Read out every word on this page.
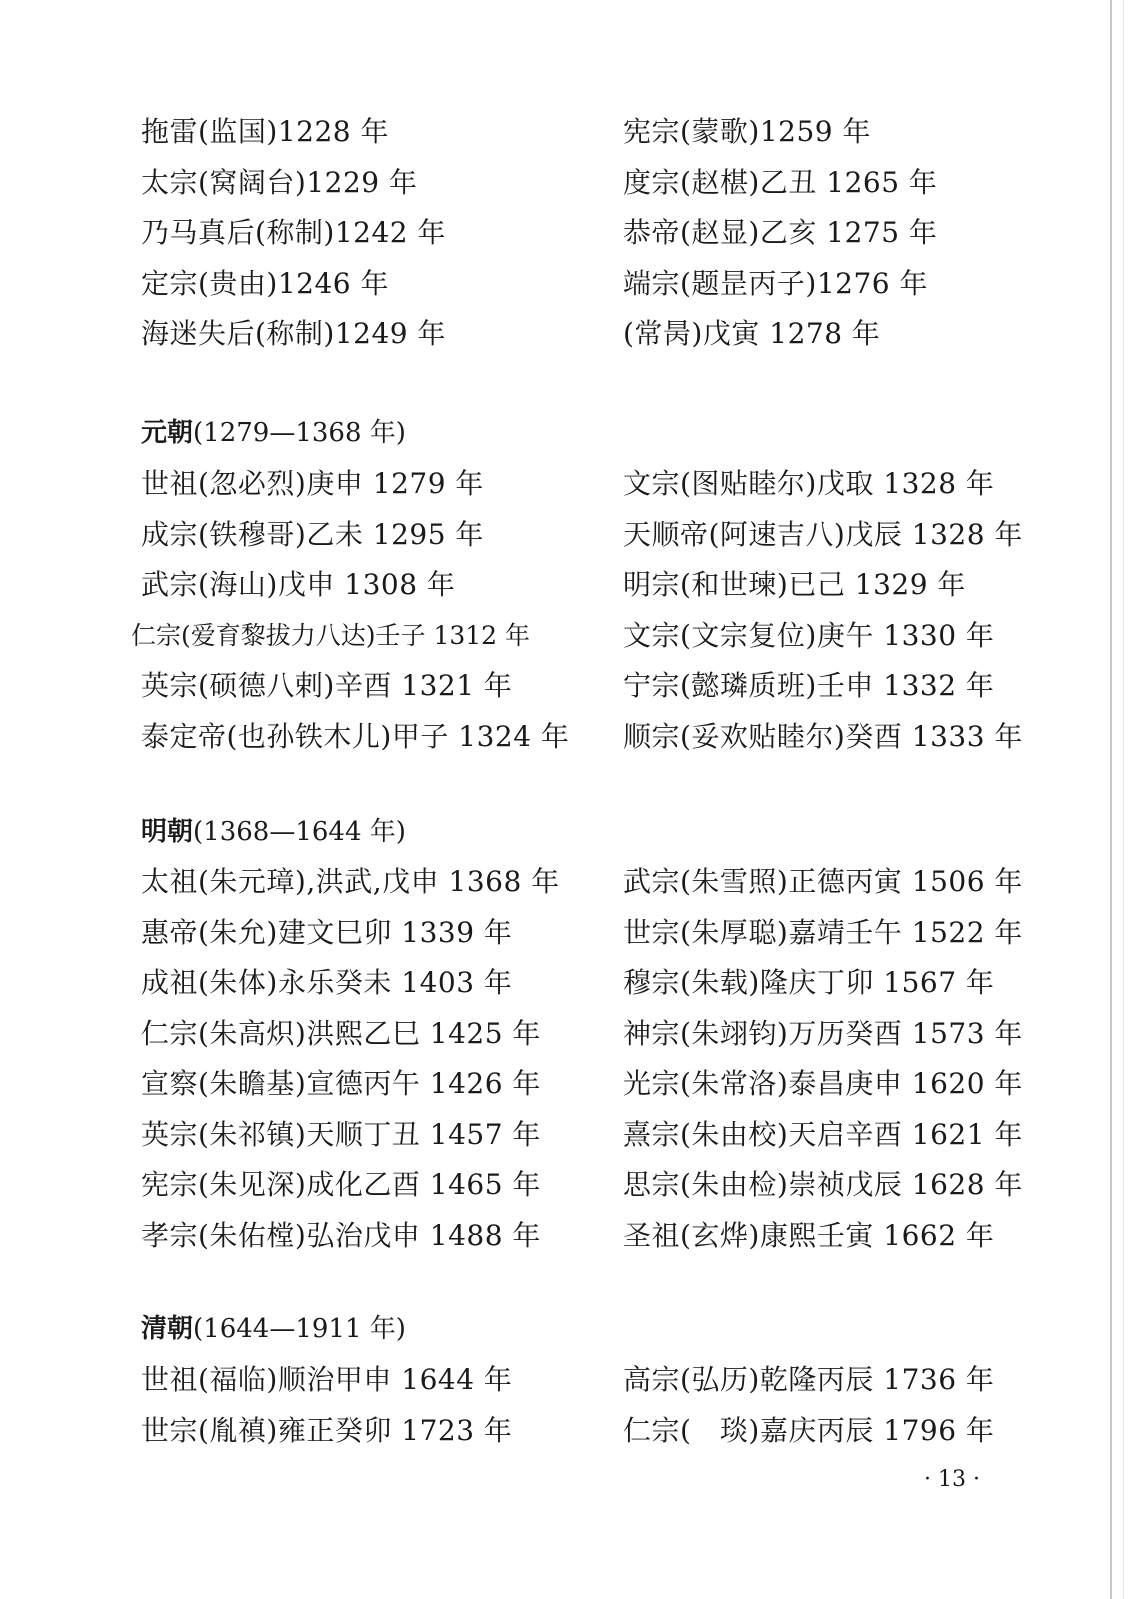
拖雷(监国)1228 年
太宗(窝阔台)1229 年
乃马真后(称制)1242 年
定宗(贵由)1246 年
海迷失后(称制)1249 年
宪宗(蒙歌)1259 年
度宗(赵椹)乙丑 1265 年
恭帝(赵显)乙亥 1275 年
端宗(题昰丙子)1276 年
(常昺)戊寅 1278 年
元朝(1279—1368 年)
世祖(忽必烈)庚申 1279 年
成宗(铁穆哥)乙未 1295 年
武宗(海山)戊申 1308 年
仁宗(爱育黎拔力八达)壬子 1312 年
英宗(硕德八剌)辛酉 1321 年
泰定帝(也孙铁木儿)甲子 1324 年
文宗(图贴睦尔)戊取 1328 年
天顺帝(阿速吉八)戊辰 1328 年
明宗(和世瑓)已己 1329 年
文宗(文宗复位)庚午 1330 年
宁宗(懿璘质班)壬申 1332 年
顺宗(妥欢贴睦尔)癸酉 1333 年
明朝(1368—1644 年)
太祖(朱元璋),洪武,戊申 1368 年
惠帝(朱允)建文巳卯 1339 年
成祖(朱体)永乐癸未 1403 年
仁宗(朱高炽)洪熙乙巳 1425 年
宣察(朱瞻基)宣德丙午 1426 年
英宗(朱祁镇)天顺丁丑 1457 年
宪宗(朱见深)成化乙酉 1465 年
孝宗(朱佑樘)弘治戊申 1488 年
武宗(朱雪照)正德丙寅 1506 年
世宗(朱厚聪)嘉靖壬午 1522 年
穆宗(朱载)隆庆丁卯 1567 年
神宗(朱翊钧)万历癸酉 1573 年
光宗(朱常洛)泰昌庚申 1620 年
熹宗(朱由校)天启辛酉 1621 年
思宗(朱由检)崇祯戊辰 1628 年
圣祖(玄烨)康熙壬寅 1662 年
清朝(1644—1911 年)
世祖(福临)顺治甲申 1644 年
世宗(胤禛)雍正癸卯 1723 年
高宗(弘历)乾隆丙辰 1736 年
仁宗(　琰)嘉庆丙辰 1796 年
· 13 ·
